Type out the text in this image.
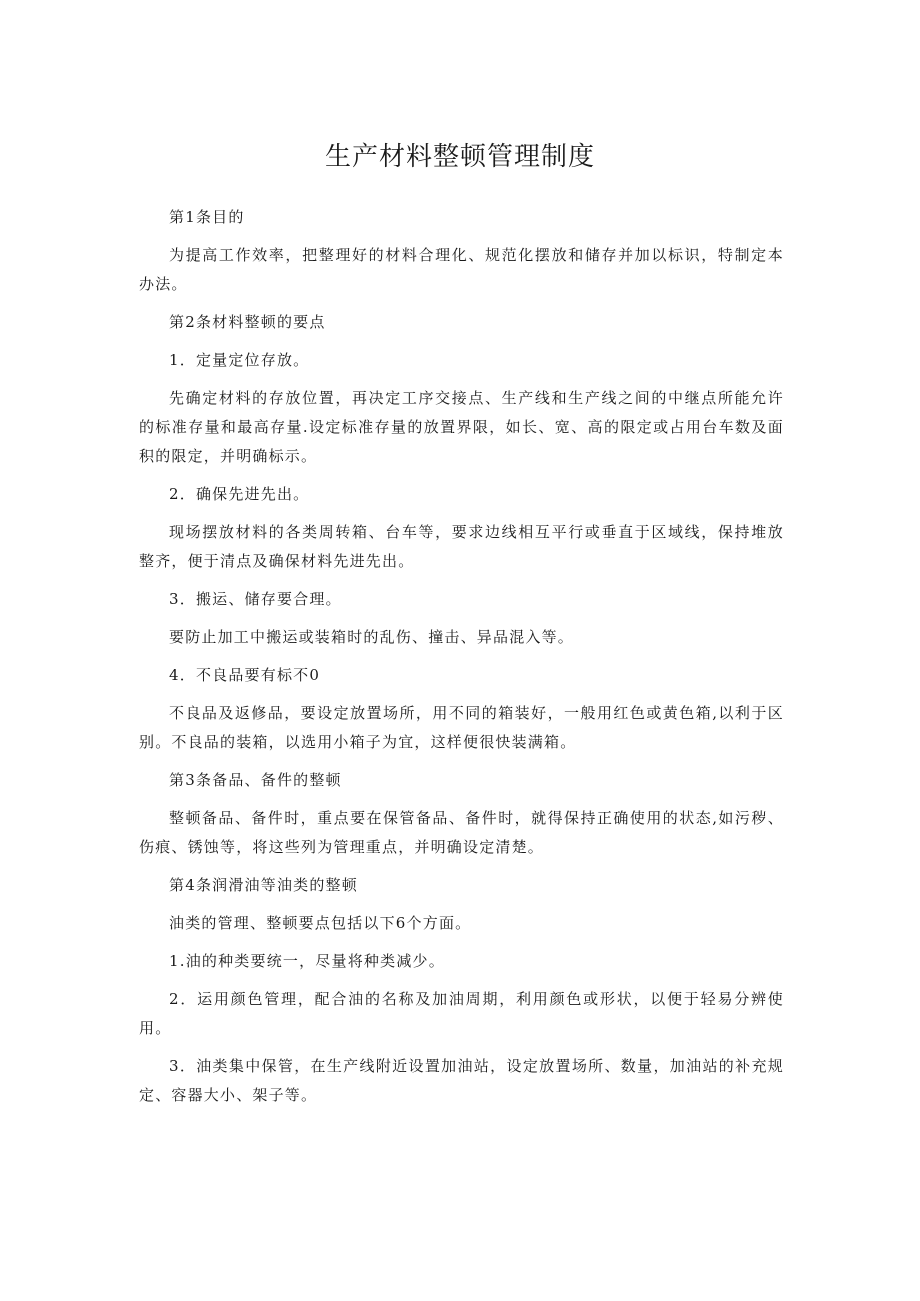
生产材料整顿管理制度

第1条目的

为提高工作效率，把整理好的材料合理化、规范化摆放和储存并加以标识，特制定本办法。

第2条材料整顿的要点

1．定量定位存放。

先确定材料的存放位置，再决定工序交接点、生产线和生产线之间的中继点所能允许的标准存量和最高存量.设定标准存量的放置界限，如长、宽、高的限定或占用台车数及面积的限定，并明确标示。

2．确保先进先出。

现场摆放材料的各类周转箱、台车等，要求边线相互平行或垂直于区域线，保持堆放整齐，便于清点及确保材料先进先出。

3．搬运、储存要合理。

要防止加工中搬运或装箱时的乱伤、撞击、异品混入等。

4．不良品要有标不0

不良品及返修品，要设定放置场所，用不同的箱装好，一般用红色或黄色箱,以利于区别。不良品的装箱，以选用小箱子为宜，这样便很快装满箱。

第3条备品、备件的整顿

整顿备品、备件时，重点要在保管备品、备件时，就得保持正确使用的状态,如污秽、伤痕、锈蚀等，将这些列为管理重点，并明确设定清楚。

第4条润滑油等油类的整顿

油类的管理、整顿要点包括以下6个方面。

1.油的种类要统一，尽量将种类减少。

2．运用颜色管理，配合油的名称及加油周期，利用颜色或形状，以便于轻易分辨使用。

3．油类集中保管，在生产线附近设置加油站，设定放置场所、数量，加油站的补充规定、容器大小、架子等。
